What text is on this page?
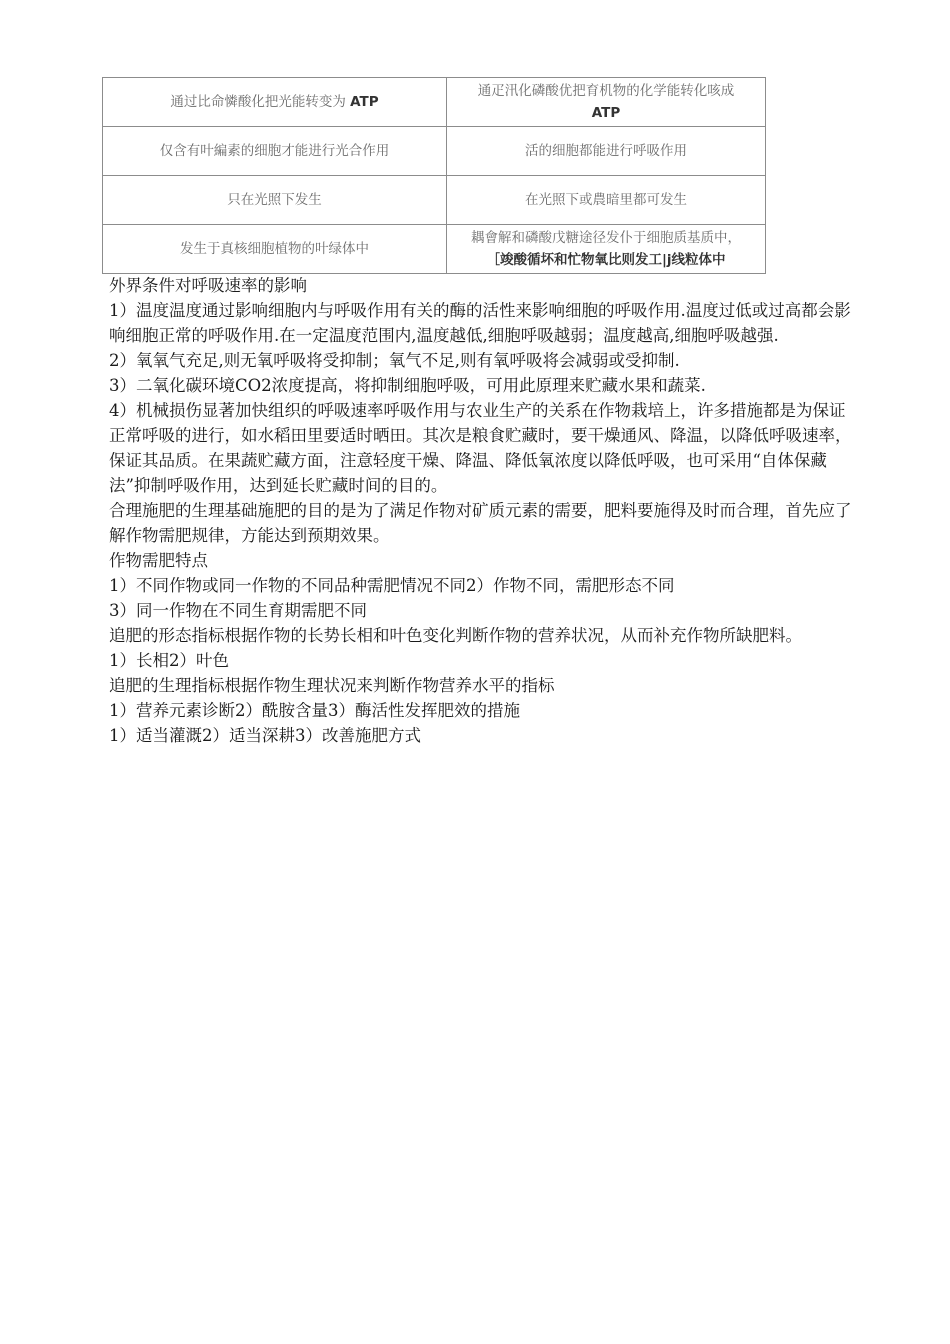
通过比命憐酸化把光能转变为 ATP	通疋汛化磷酸优把育机物的化学能转化咳成
ATP
仅含有叶編素的细胞才能进行光合作用	活的细胞都能进行呼吸作用
只在光照下发生	在光照下或農暗里都可发生
发生于真核细胞植物的叶绿体中	耦會解和磷酸戊糖途径发仆于细胞质基质中，
［竣酸循坏和忙物氧比则发工|j线粒体中

外界条件对呼吸速率的影响

1）温度温度通过影响细胞内与呼吸作用有关的酶的活性来影响细胞的呼吸作用.温度过低或过高都会影响细胞正常的呼吸作用.在一定温度范围内,温度越低,细胞呼吸越弱；温度越高,细胞呼吸越强.

2）氧氧气充足,则无氧呼吸将受抑制；氧气不足,则有氧呼吸将会减弱或受抑制.

3）二氧化碳环境CO2浓度提高，将抑制细胞呼吸，可用此原理来贮藏水果和蔬菜.

4）机械损伤显著加快组织的呼吸速率呼吸作用与农业生产的关系在作物栽培上，许多措施都是为保证正常呼吸的进行，如水稻田里要适时晒田。其次是粮食贮藏时，要干燥通风、降温，以降低呼吸速率，保证其品质。在果蔬贮藏方面，注意轻度干燥、降温、降低氧浓度以降低呼吸，也可采用“自体保藏法”抑制呼吸作用，达到延长贮藏时间的目的。

合理施肥的生理基础施肥的目的是为了满足作物对矿质元素的需要，肥料要施得及时而合理，首先应了解作物需肥规律，方能达到预期效果。

作物需肥特点

1）不同作物或同一作物的不同品种需肥情况不同2）作物不同，需肥形态不同

3）同一作物在不同生育期需肥不同

追肥的形态指标根据作物的长势长相和叶色变化判断作物的营养状况，从而补充作物所缺肥料。

1）长相2）叶色

追肥的生理指标根据作物生理状况来判断作物营养水平的指标

1）营养元素诊断2）酰胺含量3）酶活性发挥肥效的措施

1）适当灌溉2）适当深耕3）改善施肥方式
